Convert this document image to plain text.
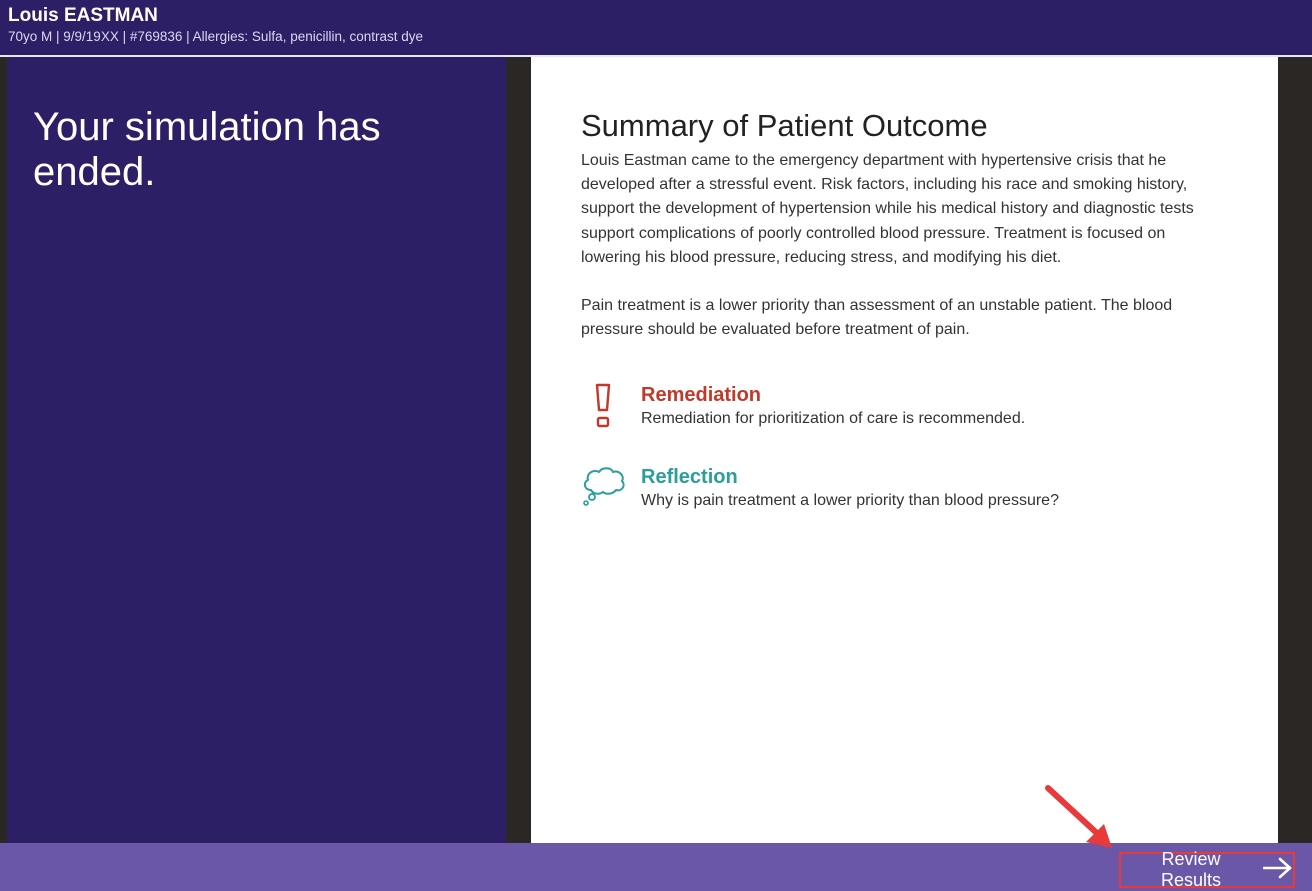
Louis EASTMAN
70yo M | 9/9/19XX | #769836 | Allergies: Sulfa, penicillin, contrast dye
Your simulation has ended.
Summary of Patient Outcome

Louis Eastman came to the emergency department with hypertensive crisis that he developed after a stressful event. Risk factors, including his race and smoking history, support the development of hypertension while his medical history and diagnostic tests support complications of poorly controlled blood pressure. Treatment is focused on lowering his blood pressure, reducing stress, and modifying his diet.

Pain treatment is a lower priority than assessment of an unstable patient. The blood pressure should be evaluated before treatment of pain.

Remediation
Remediation for prioritization of care is recommended.
Reflection
Why is pain treatment a lower priority than blood pressure?
Review Results
